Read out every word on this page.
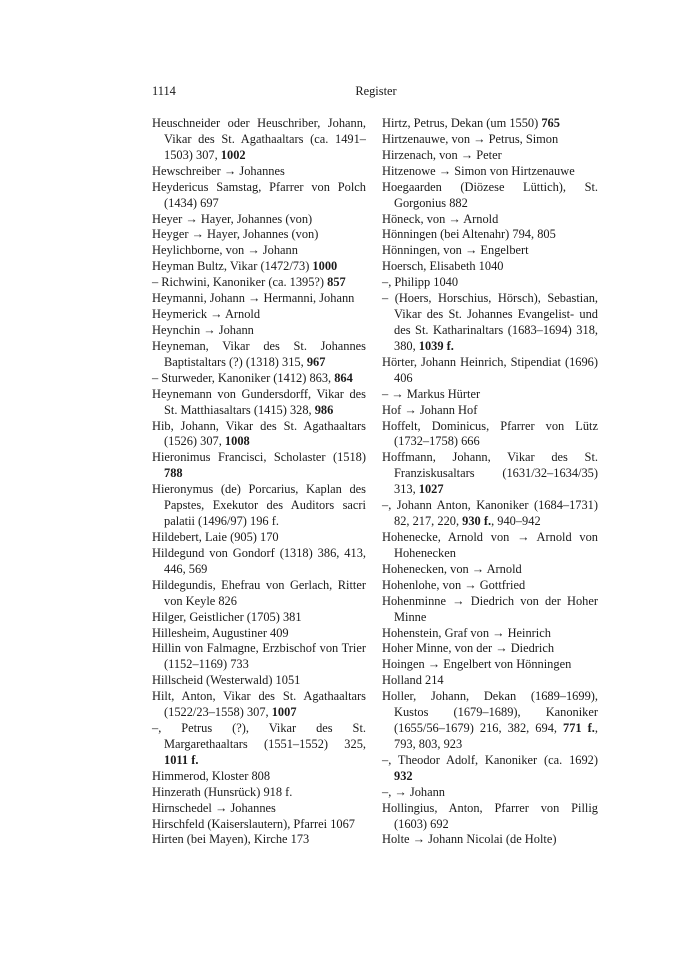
1114	Register
Heuschneider oder Heuschriber, Johann, Vikar des St. Agathaaltars (ca. 1491–1503) 307, 1002
Hewschreiber → Johannes
Heydericus Samstag, Pfarrer von Polch (1434) 697
Heyer → Hayer, Johannes (von)
Heyger → Hayer, Johannes (von)
Heylichborne, von → Johann
Heyman Bultz, Vikar (1472/73) 1000
– Richwini, Kanoniker (ca. 1395?) 857
Heymanni, Johann → Hermanni, Johann
Heymerick → Arnold
Heynchin → Johann
Heyneman, Vikar des St. Johannes Baptistaltars (?) (1318) 315, 967
– Sturweder, Kanoniker (1412) 863, 864
Heynemann von Gundersdorff, Vikar des St. Matthiasaltars (1415) 328, 986
Hib, Johann, Vikar des St. Agathaaltars (1526) 307, 1008
Hieronimus Francisci, Scholaster (1518) 788
Hieronymus (de) Porcarius, Kaplan des Papstes, Exekutor des Auditors sacri palatii (1496/97) 196 f.
Hildebert, Laie (905) 170
Hildegund von Gondorf (1318) 386, 413, 446, 569
Hildegundis, Ehefrau von Gerlach, Ritter von Keyle 826
Hilger, Geistlicher (1705) 381
Hillesheim, Augustiner 409
Hillin von Falmagne, Erzbischof von Trier (1152–1169) 733
Hillscheid (Westerwald) 1051
Hilt, Anton, Vikar des St. Agathaaltars (1522/23–1558) 307, 1007
–, Petrus (?), Vikar des St. Margarethaaltars (1551–1552) 325, 1011 f.
Himmerod, Kloster 808
Hinzerath (Hunsrück) 918 f.
Hirnschedel → Johannes
Hirschfeld (Kaiserslautern), Pfarrei 1067
Hirten (bei Mayen), Kirche 173
Hirtz, Petrus, Dekan (um 1550) 765
Hirtzenauwe, von → Petrus, Simon
Hirzenach, von → Peter
Hitzenowe → Simon von Hirtzenauwe
Hoegaarden (Diözese Lüttich), St. Gorgonius 882
Höneck, von → Arnold
Hönningen (bei Altenahr) 794, 805
Hönningen, von → Engelbert
Hoersch, Elisabeth 1040
–, Philipp 1040
– (Hoers, Horschius, Hörsch), Sebastian, Vikar des St. Johannes Evangelist- und des St. Katharinaltars (1683–1694) 318, 380, 1039 f.
Hörter, Johann Heinrich, Stipendiat (1696) 406
– → Markus Hürter
Hof → Johann Hof
Hoffelt, Dominicus, Pfarrer von Lütz (1732–1758) 666
Hoffmann, Johann, Vikar des St. Franziskusaltars (1631/32–1634/35) 313, 1027
–, Johann Anton, Kanoniker (1684–1731) 82, 217, 220, 930 f., 940–942
Hohenecke, Arnold von → Arnold von Hohenecken
Hohenecken, von → Arnold
Hohenlohe, von → Gottfried
Hohenminne → Diedrich von der Hoher Minne
Hohenstein, Graf von → Heinrich
Hoher Minne, von der → Diedrich
Hoingen → Engelbert von Hönningen
Holland 214
Holler, Johann, Dekan (1689–1699), Kustos (1679–1689), Kanoniker (1655/56–1679) 216, 382, 694, 771 f., 793, 803, 923
–, Theodor Adolf, Kanoniker (ca. 1692) 932
–, → Johann
Hollingius, Anton, Pfarrer von Pillig (1603) 692
Holte → Johann Nicolai (de Holte)
